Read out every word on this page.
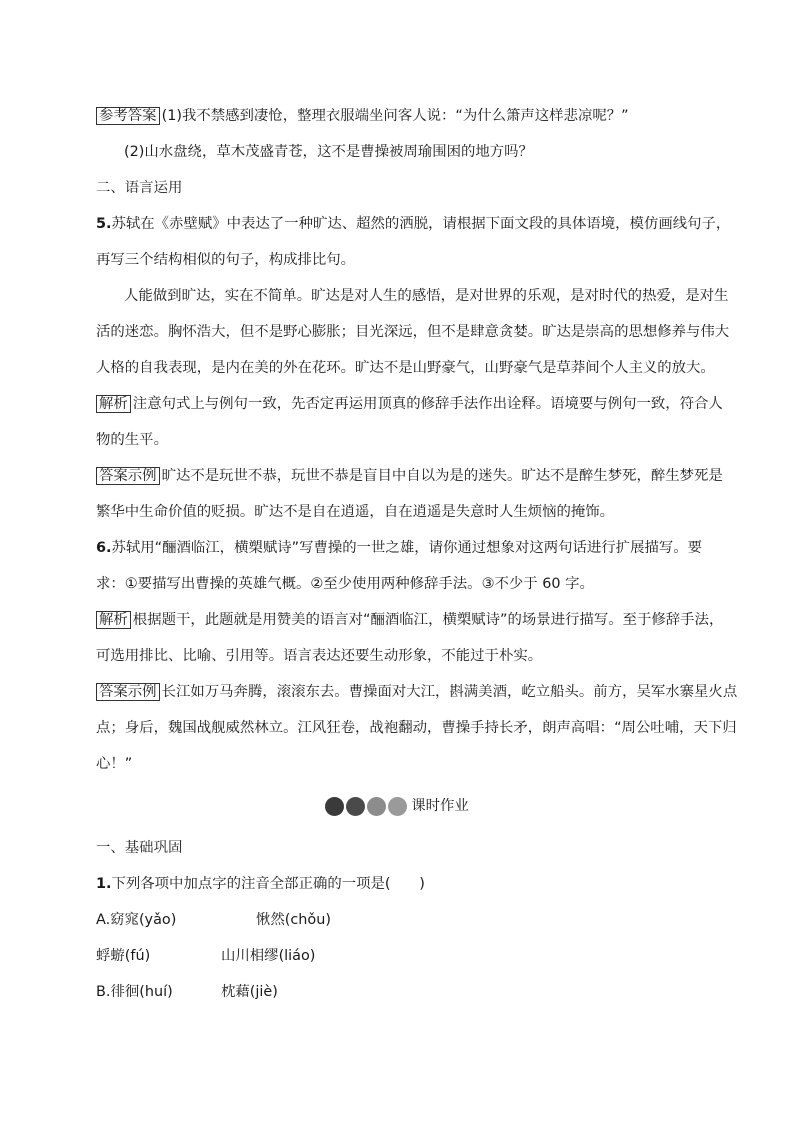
参考答案 (1)我不禁感到凄怆，整理衣服端坐问客人说：“为什么箫声这样悲凉呢？”
(2)山水盘绕，草木茂盛青苍，这不是曹操被周瑜围困的地方吗？
二、语言运用
5.苏轼在《赤壁赋》中表达了一种旷达、超然的洒脱，请根据下面文段的具体语境，模仿画线句子，
再写三个结构相似的句子，构成排比句。
人能做到旷达，实在不简单。旷达是对人生的感悟，是对世界的乐观，是对时代的热爱，是对生
活的迷恋。胸怀浩大，但不是野心膨胀；目光深远，但不是肆意贪婪。旷达是崇高的思想修养与伟大
人格的自我表现，是内在美的外在花环。旷达不是山野豪气，山野豪气是草莽间个人主义的放大。
解析 注意句式上与例句一致，先否定再运用顶真的修辞手法作出诠释。语境要与例句一致，符合人
物的生平。
答案示例 旷达不是玩世不恭，玩世不恭是盲目中自以为是的迷失。旷达不是醉生梦死，醉生梦死是
繁华中生命价值的贬损。旷达不是自在逍遥，自在逍遥是失意时人生烦恼的掩饰。
6.苏轼用“酾酒临江，横槊赋诗”写曹操的一世之雄，请你通过想象对这两句话进行扩展描写。要
求：①要描写出曹操的英雄气概。②至少使用两种修辞手法。③不少于 60 字。
解析 根据题干，此题就是用赞美的语言对“酾酒临江，横槊赋诗”的场景进行描写。至于修辞手法，
可选用排比、比喻、引用等。语言表达还要生动形象，不能过于朴实。
答案示例 长江如万马奔腾，滚滚东去。曹操面对大江，斟满美酒，屹立船头。前方，吴军水寨星火点
点；身后，魏国战舰威然林立。江风狂卷，战袍翻动，曹操手持长矛，朗声高唱：“周公吐哺，天下归
心！”
课时作业
一、基础巩固
1.下列各项中加点字的注音全部正确的一项是(　　)
A.窈窕(yǎo)	愀然(chǒu)
蜉蝣(fú)	山川相缪(liáo)
B.徘徊(huí)	枕藉(jiè)
